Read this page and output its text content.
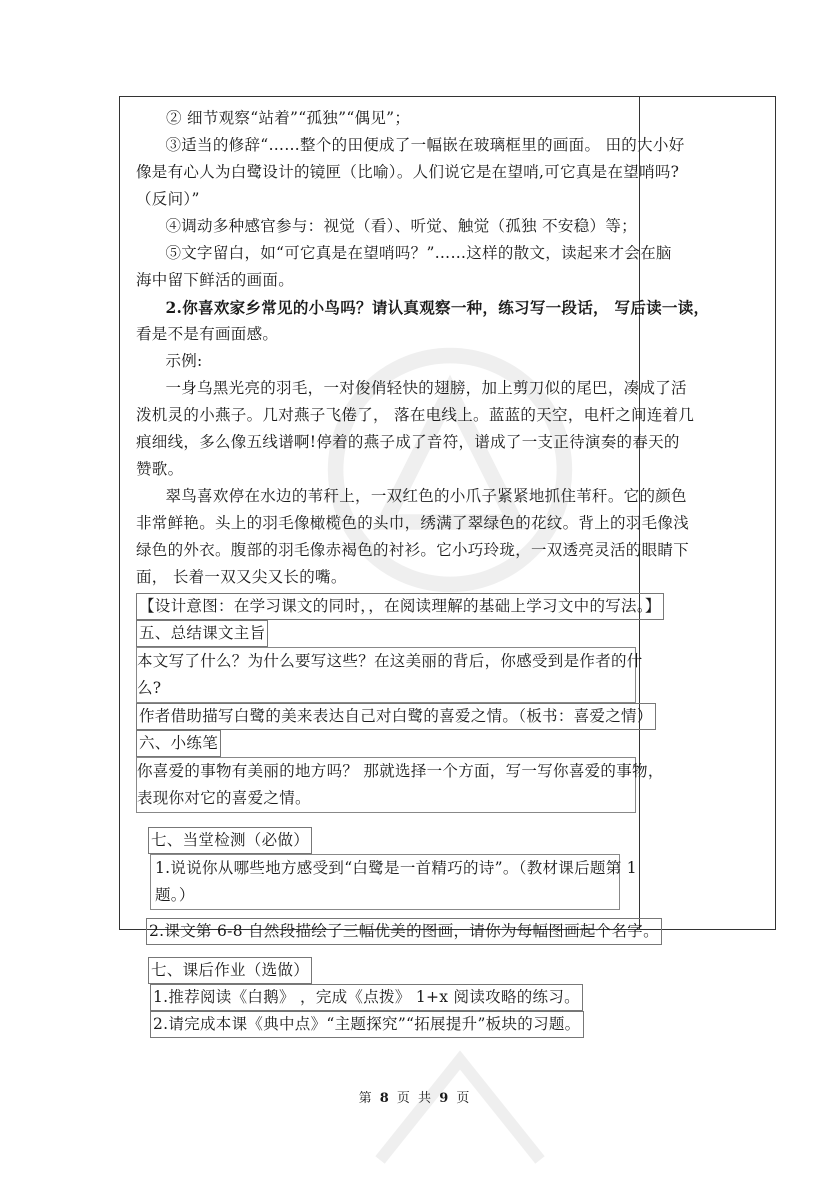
② 细节观察“站着”“孤独”“偶见”；

③适当的修辞“……整个的田便成了一幅嵌在玻璃框里的画面。 田的大小好

像是有心人为白鹭设计的镜匣（比喻）。人们说它是在望哨,可它真是在望哨吗?

（反问）”

④调动多种感官参与：视觉（看）、听觉、触觉（孤独 不安稳）等；

⑤文字留白，如“可它真是在望哨吗？”……这样的散文，读起来才会在脑

海中留下鲜活的画面。

2.你喜欢家乡常见的小鸟吗？请认真观察一种，练习写一段话， 写后读一读，

看是不是有画面感。

示例:

一身乌黑光亮的羽毛，一对俊俏轻快的翅膀，加上剪刀似的尾巴，凑成了活

泼机灵的小燕子。几对燕子飞倦了， 落在电线上。蓝蓝的天空，电杆之间连着几

痕细线，多么像五线谱啊!停着的燕子成了音符，谱成了一支正待演奏的春天的

赞歌。

翠鸟喜欢停在水边的苇秆上，一双红色的小爪子紧紧地抓住苇秆。它的颜色

非常鲜艳。头上的羽毛像橄榄色的头巾，绣满了翠绿色的花纹。背上的羽毛像浅

绿色的外衣。腹部的羽毛像赤褐色的衬衫。它小巧玲珑，一双透亮灵活的眼睛下

面， 长着一双又尖又长的嘴。

【设计意图：在学习课文的同时，，在阅读理解的基础上学习文中的写法。】

五、总结课文主旨

本文写了什么？为什么要写这些？在这美丽的背后，你感受到是作者的什

么?

作者借助描写白鹭的美来表达自己对白鹭的喜爱之情。（板书：喜爱之情）

六、小练笔

你喜爱的事物有美丽的地方吗？ 那就选择一个方面，写一写你喜爱的事物，

表现你对它的喜爱之情。

七、当堂检测（必做）

1.说说你从哪些地方感受到“白鹭是一首精巧的诗”。（教材课后题第 1

题。）

2.课文第 6-8 自然段描绘了三幅优美的图画，请你为每幅图画起个名字。

七、课后作业（选做）

1.推荐阅读《白鹅》 ，完成《点拨》 1+x 阅读攻略的练习。

2.请完成本课《典中点》“主题探究”“拓展提升”板块的习题。

第 8 页 共 9 页
